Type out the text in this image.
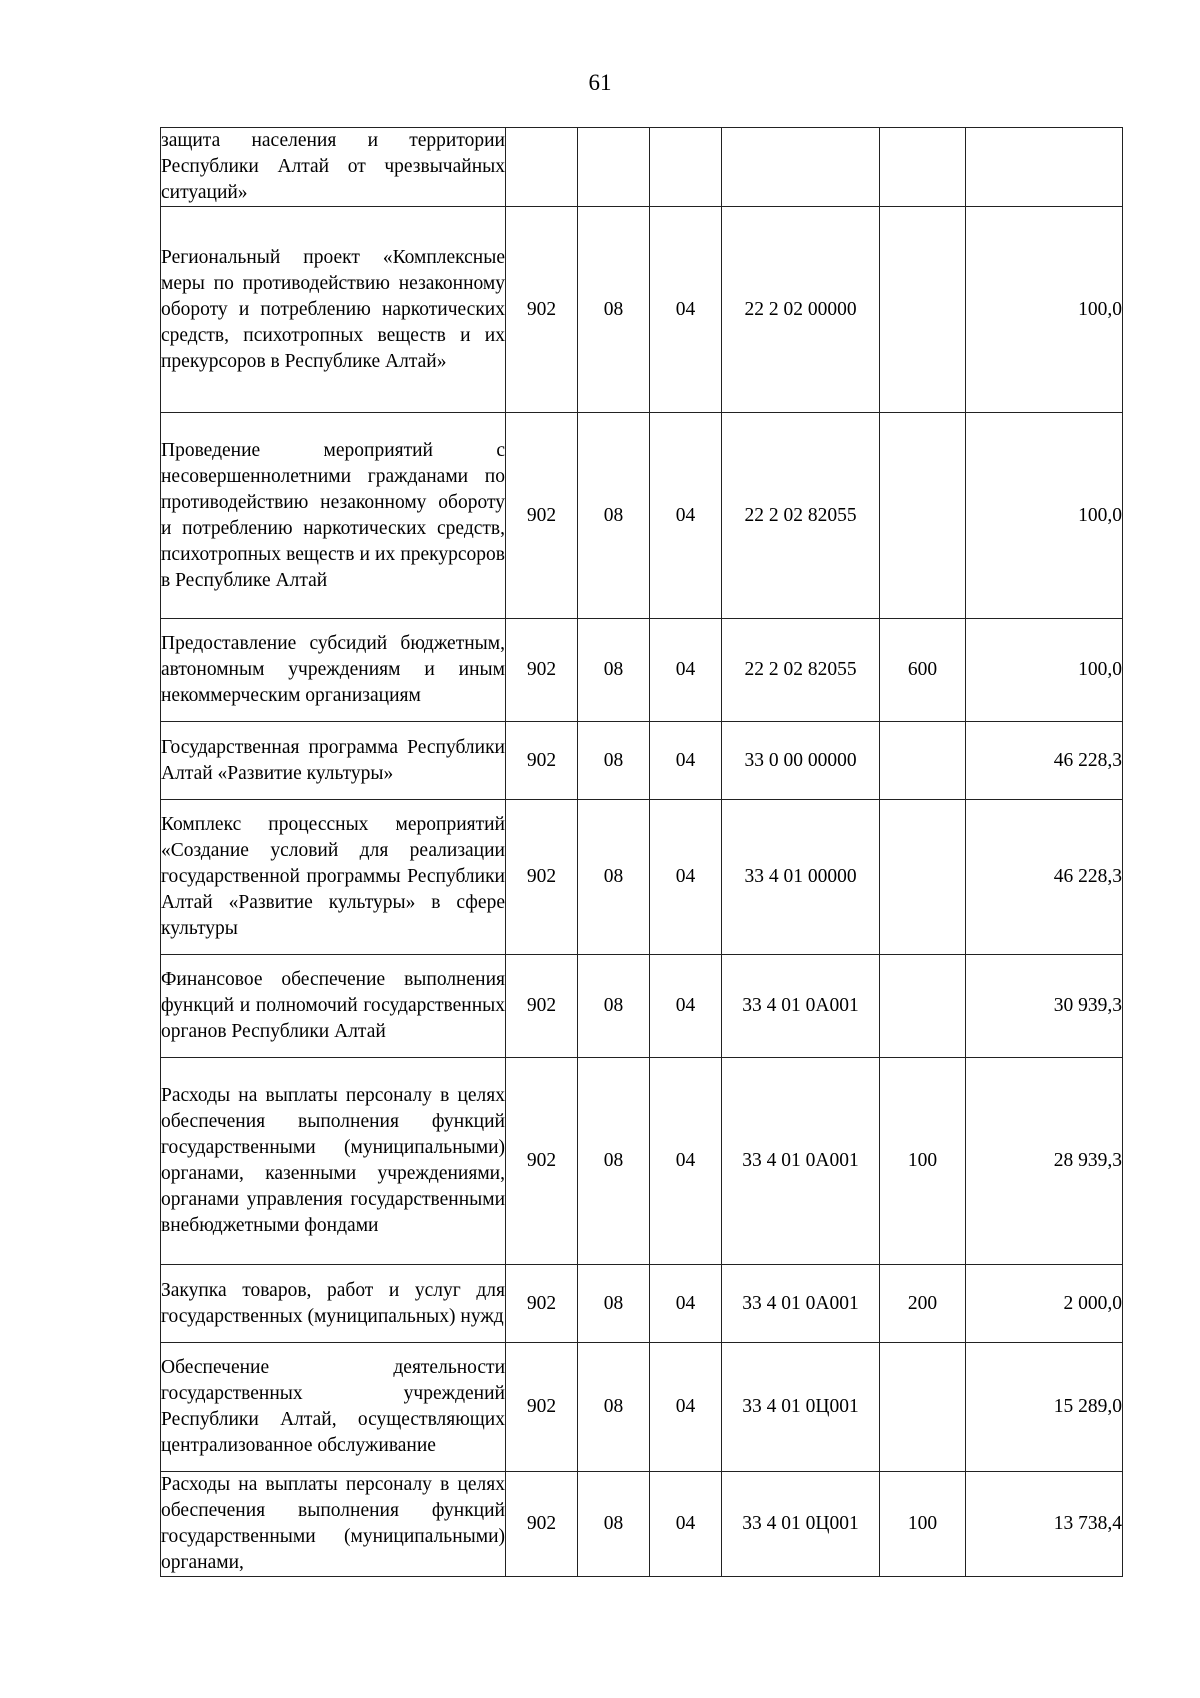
61
защита населения и территории Республики Алтай от чрезвычайных ситуаций»						
Региональный проект «Комплексные меры по противодействию незаконному обороту и потреблению наркотических средств, психотропных веществ и их прекурсоров в Республике Алтай»	902	08	04	22 2 02 00000		100,0
Проведение мероприятий с несовершеннолетними гражданами по противодействию незаконному обороту и потреблению наркотических средств, психотропных веществ и их прекурсоров в Республике Алтай	902	08	04	22 2 02 82055		100,0
Предоставление субсидий бюджетным, автономным учреждениям и иным некоммерческим организациям	902	08	04	22 2 02 82055	600	100,0
Государственная программа Республики Алтай «Развитие культуры»	902	08	04	33 0 00 00000		46 228,3
Комплекс процессных мероприятий «Создание условий для реализации государственной программы Республики Алтай «Развитие культуры» в сфере культуры	902	08	04	33 4 01 00000		46 228,3
Финансовое обеспечение выполнения функций и полномочий государственных органов Республики Алтай	902	08	04	33 4 01 0А001		30 939,3
Расходы на выплаты персоналу в целях обеспечения выполнения функций государственными (муниципальными) органами, казенными учреждениями, органами управления государственными внебюджетными фондами	902	08	04	33 4 01 0А001	100	28 939,3
Закупка товаров, работ и услуг для государственных (муниципальных) нужд	902	08	04	33 4 01 0А001	200	2 000,0
Обеспечение деятельности государственных учреждений Республики Алтай, осуществляющих централизованное обслуживание	902	08	04	33 4 01 0Ц001		15 289,0
Расходы на выплаты персоналу в целях обеспечения выполнения функций государственными (муниципальными) органами,	902	08	04	33 4 01 0Ц001	100	13 738,4
